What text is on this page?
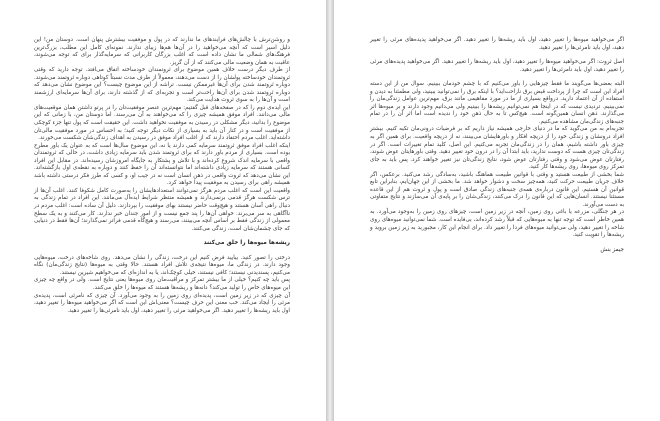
و روشن‌ترش با چالش‌های فرایندهای ما ندارند که در پول و موفقیت بیشترش پنهان است. دوستان من! این دلیل اسیر است که آنچه می‌خواهید را در آن‌ها هم‌ها زیبای ندارند. نمونه‌ای کامل این مطلب، بزرگ‌ترین فرهنگ‌های شمالی ما نشان داده است که اغلب بزرگان کاربرانی که سرمایه‌گذار برای که توجه می‌شوند، عاقبت به همان وضعیت مالی می‌کنند که از آن گریز.

از طرف دیگر درست خلاف همین موضوع برای ثروتمندان خودساخته اتفاق می‌افتد. توجه دارید که وقتی ثروتمندان خودساخته پولشان را از دست می‌دهند، معمولاً از طرف مدت نسبتاً کوتاهی دوباره ثروتمند می‌شوند. دوباره ثروتمند شدن برای آن‌ها غیرممکن نیست. تراشه از این موضوع چیست؟ این موضوع نشان می‌دهد که دوباره ثروتمند شدن برای آن‌ها راحت‌تر است و تجربه‌ای که از گذشته دارند، برای آن‌ها سرمایه‌ای ارزشمند است و آن‌ها را به سوی ثروت هدایت می‌کند.

این ایده‌ی دوم را که در صفحه‌های قبل گفتیم: مهم‌ترین عنصر موفقیت‌تان را در پرتو داشتن همان موقعیت‌های مالی می‌دانند. افراد موفق همیشه چیزی را که می‌خواهند به آن می‌رسند. اما دوستان من، با زمانی که این موضوع را بدانید، دیگر مشکلی در رسیدن به موفقیت نخواهید داشت. این حقیقت است که پول تنها جزء کوچکی از موفقیت است و در کنار آن باید به بسیاری از نکات دیگر توجه کنید؛ به احساس در مورد موفقیت مالی‌تان داشته‌اید. اغلب مردم احتفاد دارند که از اغلب افراد موفق در رسیدن به اهداف زندگی‌شان شکست می‌خورند.

اینکه اغلب افراد موفق ثروتمند سرمایه کمی دارند یا نه، این موضوع سال‌ها است که به عنوان یک باور مطرح بوده است. بسیاری از مردم باور دارند که برای ثروتمند شدن باید سرمایه زیادی داشت، در حالی که ثروتمندان واقعی با سرمایه اندک شروع کرده‌اند و با تلاش و پشتکار به جایگاه امروزشان رسیده‌اند. در مقابل این افراد کسانی هستند که سرمایه زیادی داشته‌اند اما نتوانسته‌اند آن را حفظ کنند و دوباره به نقطه‌ی اول بازگشته‌اند. این نشان می‌دهد که ثروت واقعی در ذهن انسان است نه در جیب او، و کسی که طرز فکر درستی داشته باشد همیشه راهی برای رسیدن به موفقیت پیدا خواهد کرد.

واقعیت این است که اغلب مردم هرگز نمی‌توانند استعدادهایشان را به‌صورت کامل شکوفا کنند. اغلب آن‌ها از ترس شکست هرگز قدمی برنمی‌دارند و همیشه منتظر شرایط ایده‌آل می‌مانند. این افراد در تمام زندگی به دنبال راهی آسان هستند و هیچ‌وقت حاضر نیستند بهای موفقیت را بپردازند. دلیل آن ساده است: اغلب مردم در ناآگاهی به سر می‌برند. خواهی آن‌ها را پند جمع نیست و از امور جندان خبر ندارند. کار می‌کنند و به یک سطح معمولی از زندگی فقط بر اساس آنچه می‌بینند، می‌رسند و هیچ‌گاه قدمی فراتر نمی‌گذارند؛ آن‌ها فقط در دنیایی که جای چشمان‌شان است، زندگی می‌کنند.

ریشه‌ها میوه‌ها را خلق می‌کنند

درختی را تصور کنید. بیایید فرض کنیم این درخت، زندگی را نشان می‌دهد. روی شاخه‌های درخت، میوه‌هایی وجود دارند. در زندگی ما، میوه‌ها نتیجه‌ی تلاش افراد هستند. حالا وقتی به میوه‌ها (نتایج زندگی‌مان) نگاه می‌کنیم، پسندیدنی نیستند؛ کافی نیستند، خیلی کوچک‌اند، یا به اندازه‌ای که می‌خواهیم شیرین نیستند.

پس باید چه کنیم؟ خیلی از ما بیشتر تمرکز و مراقبت‌مان روی میوه‌ها یعنی نتایج است. ولی در واقع چه چیزی این میوه‌های خاص را تولید می‌کند؟ دانه‌ها و ریشه‌ها هستند که میوه‌ها را خلق می‌کنند.

آن چیزی که در زیر زمین است، پدیده‌ای روی زمین را به وجود می‌آورد. آن چیزی که نامرئی است، پدیده‌ی مرئی را ایجاد می‌کند. خب معنی این حرف چیست؟ معنی‌اش این است که اگر می‌خواهید میوه‌ها را تغییر دهید، اول باید ریشه‌ها را تغییر دهید. اگر می‌خواهید مرئی را تغییر دهید، اول باید نامرئی‌ها را تغییر دهید.

اگر می‌خواهید میوه‌ها را تغییر دهید، اول باید ریشه‌ها را تغییر دهید. اگر می‌خواهید پدیده‌های مرئی را تغییر دهید، اول باید نامرئی‌ها را تغییر دهید.

اصل ثروت: اگر می‌خواهید میوه‌ها را تغییر دهید، اول باید ریشه‌ها را تغییر دهید. اگر می‌خواهید پدیده‌های مرئی را تغییر دهید، اول باید نامرئی‌ها را تغییر دهید.

البته بعضی‌ها می‌گویند ما فقط چیزهایی را باور می‌کنیم که با چشم خودمان ببینیم. سوال من از این دسته افراد این است که چرا از پرداخت قبض برق ناراحت‌اید؟ با اینکه برق را نمی‌توانید ببینید، ولی مطمئنا به دیدن و استفاده از آن اعتماد دارید. درواقع بسیاری از ما در مورد مفاهیمی مانند برق، مهم‌ترین عوامل زندگی‌مان را نمی‌بینیم. تردیدی نیست که در اینجا هم نمی‌توانیم ریشه‌ها را ببینیم ولی می‌دانیم وجود دارند و بر میوه‌ها اثر می‌گذارند. ذهن انسان همین‌گونه است. هیچ‌کس تا به حال ذهن خود را ندیده است اما اثر آن را در تمام جنبه‌های زندگی‌مان مشاهده می‌کنیم.

تجربه‌ام به من می‌گوید که ما در دنیای خارجی همیشه نیاز داریم که بر فرضیات درونی‌مان تکیه کنیم. بیشتر افراد درونشان و زندگی خود را از دریچه افکار و باورهایشان می‌بینند، نه از دریچه واقعیت. برای همین اگر به چیزی باور داشته باشیم، همان را در زندگی‌مان تجربه می‌کنیم. این اصل، کلید تمام تغییرات است. اگر در زندگی‌تان چیزی هست که دوست ندارید، باید ابتدا آن را در درون خود تغییر دهید. وقتی باورهایتان عوض شوند، رفتارتان عوض می‌شود و وقتی رفتارتان عوض شود، نتایج زندگی‌تان نیز تغییر خواهند کرد. پس باید به جای تمرکز روی میوه‌ها، روی ریشه‌ها کار کنید.

شما بخشی از طبیعت هستید و وقتی با قوانین طبیعت هماهنگ باشید، به‌سادگی رشد می‌کنید. برعکس، اگر خلاف جریان طبیعت حرکت کنید، همه‌چیز سخت و دشوار خواهد شد. ما بخشی از این جهان‌ایم، بنابراین تابع قوانین آن هستیم. این قانون درباره‌ی همه‌ی جنبه‌های زندگی صادق است و پول و ثروت هم از این قاعده مستثنا نیستند. انسان‌هایی که این قانون را درک می‌کنند، زندگی‌شان را بر پایه‌ی آن می‌سازند و نتایج متفاوتی به دست می‌آورند.

در هر جنگلی، مزرعه یا باغی روی زمین، آنچه در زیر زمین است، چیزهای روی زمین را به‌وجود می‌آورد. به همین خاطر است که توجه تنها به میوه‌هایی که قبلاً رشد کرده‌اند، بی‌فایده است. شما نمی‌توانید میوه‌های روی شاخه را تغییر دهید، ولی می‌توانید میوه‌های فردا را تغییر داد. برای انجام این کار، مجبورید به زیر زمین بروید و ریشه‌ها را تقویت کنید.

جیمز بنش
